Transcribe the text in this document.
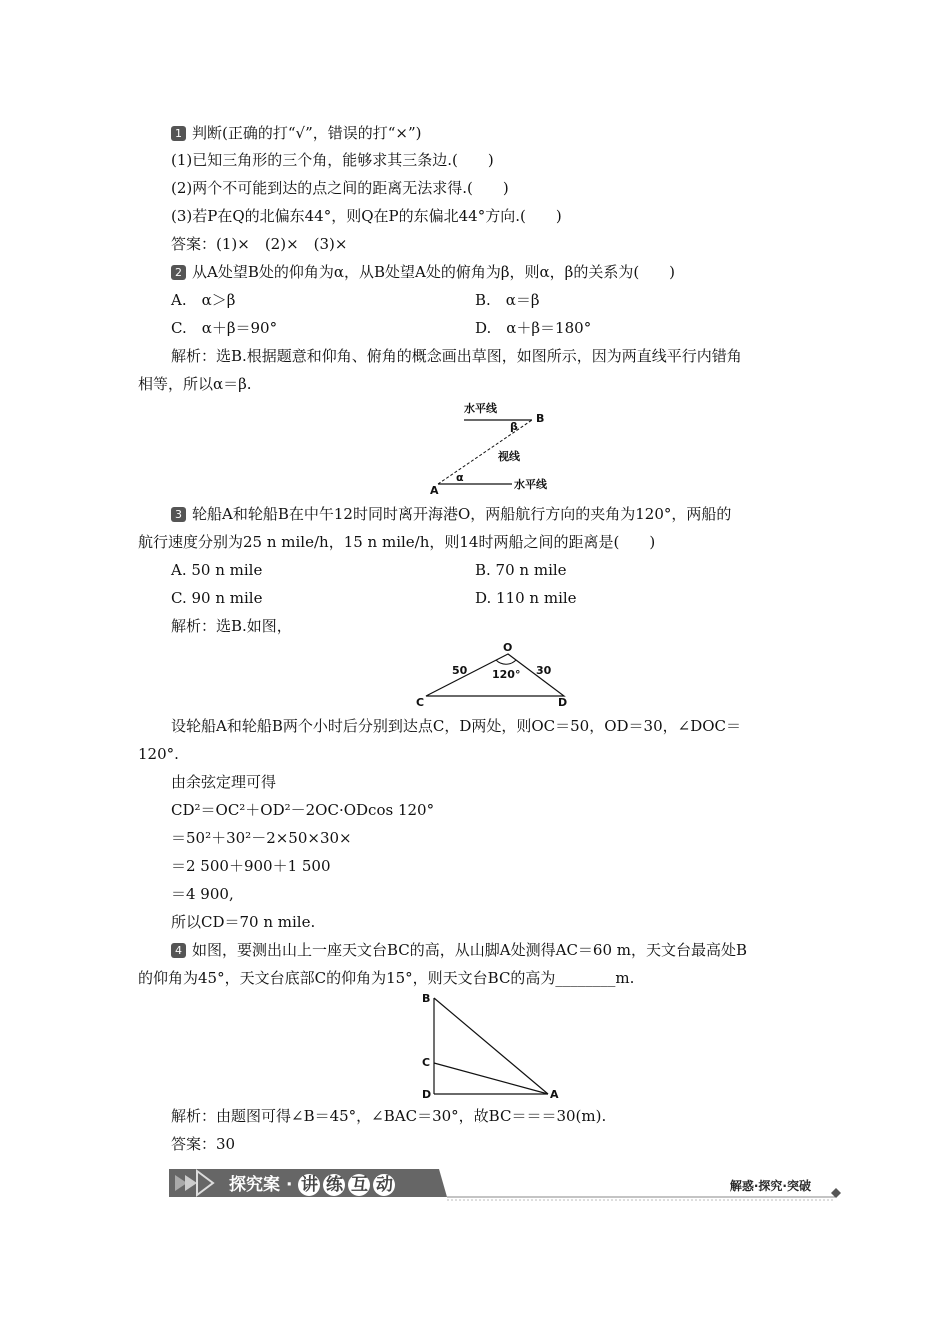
1 判断(正确的打“√”，错误的打“×”)
(1)已知三角形的三个角，能够求其三条边.(　　)
(2)两个不可能到达的点之间的距离无法求得.(　　)
(3)若P在Q的北偏东44°，则Q在P的东偏北44°方向.(　　)
答案：(1)×　(2)×　(3)×
2 从A处望B处的仰角为α，从B处望A处的俯角为β，则α，β的关系为(　　)
A.　α＞β	B.　α＝β
C.　α＋β＝90°	D.　α＋β＝180°
解析：选B.根据题意和仰角、俯角的概念画出草图，如图所示，因为两直线平行内错角
相等，所以α＝β.
水平线
B
β
视线
α
A	水平线
3 轮船A和轮船B在中午12时同时离开海港O，两船航行方向的夹角为120°，两船的
航行速度分别为25 n mile/h，15 n mile/h，则14时两船之间的距离是(　　)
A. 50 n mile	B. 70 n mile
C. 90 n mile	D. 110 n mile
解析：选B.如图，
O
50	30
120°
C	D
设轮船A和轮船B两个小时后分别到达点C，D两处，则OC＝50，OD＝30，∠DOC＝
120°.
由余弦定理可得
CD²＝OC²＋OD²－2OC·ODcos 120°
＝50²＋30²－2×50×30×
＝2 500＋900＋1 500
＝4 900,
所以CD＝70 n mile.
4 如图，要测出山上一座天文台BC的高，从山脚A处测得AC＝60 m，天文台最高处B
的仰角为45°，天文台底部C的仰角为15°，则天文台BC的高为________m.
B
C
D	A
解析：由题图可得∠B＝45°，∠BAC＝30°，故BC＝＝＝30(m).
答案：30
探究案 · 讲 练 互 动	解惑·探究·突破
